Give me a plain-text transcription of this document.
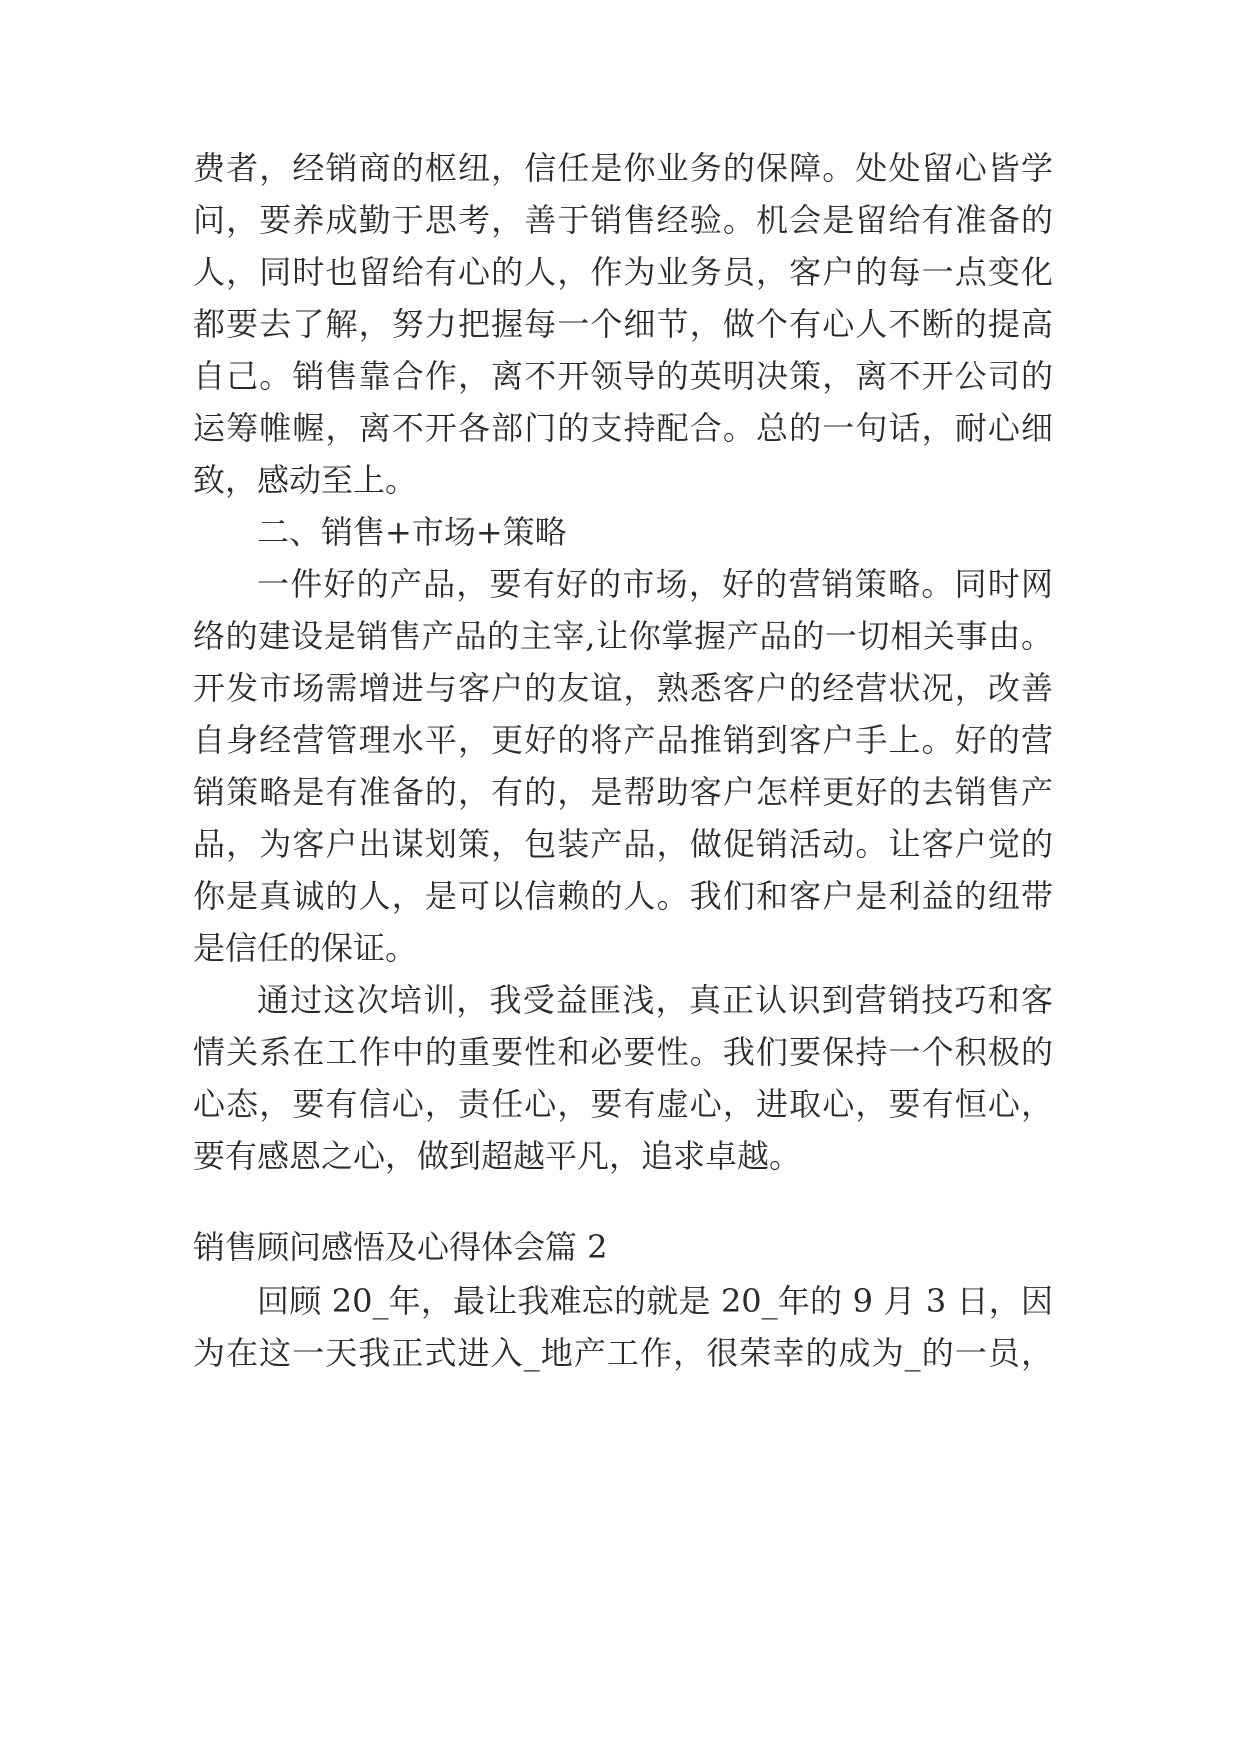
费者，经销商的枢纽，信任是你业务的保障。处处留心皆学
问，要养成勤于思考，善于销售经验。机会是留给有准备的
人，同时也留给有心的人，作为业务员，客户的每一点变化
都要去了解，努力把握每一个细节，做个有心人不断的提高
自己。销售靠合作，离不开领导的英明决策，离不开公司的
运筹帷幄，离不开各部门的支持配合。总的一句话，耐心细
致，感动至上。
二、销售+市场+策略
一件好的产品，要有好的市场，好的营销策略。同时网
络的建设是销售产品的主宰,让你掌握产品的一切相关事由。
开发市场需增进与客户的友谊，熟悉客户的经营状况，改善
自身经营管理水平，更好的将产品推销到客户手上。好的营
销策略是有准备的，有的，是帮助客户怎样更好的去销售产
品，为客户出谋划策，包装产品，做促销活动。让客户觉的
你是真诚的人，是可以信赖的人。我们和客户是利益的纽带
是信任的保证。
通过这次培训，我受益匪浅，真正认识到营销技巧和客
情关系在工作中的重要性和必要性。我们要保持一个积极的
心态，要有信心，责任心，要有虚心，进取心，要有恒心，
要有感恩之心，做到超越平凡，追求卓越。
销售顾问感悟及心得体会篇 2
回顾 20_年，最让我难忘的就是 20_年的 9 月 3 日，因
为在这一天我正式进入_地产工作，很荣幸的成为_的一员，
